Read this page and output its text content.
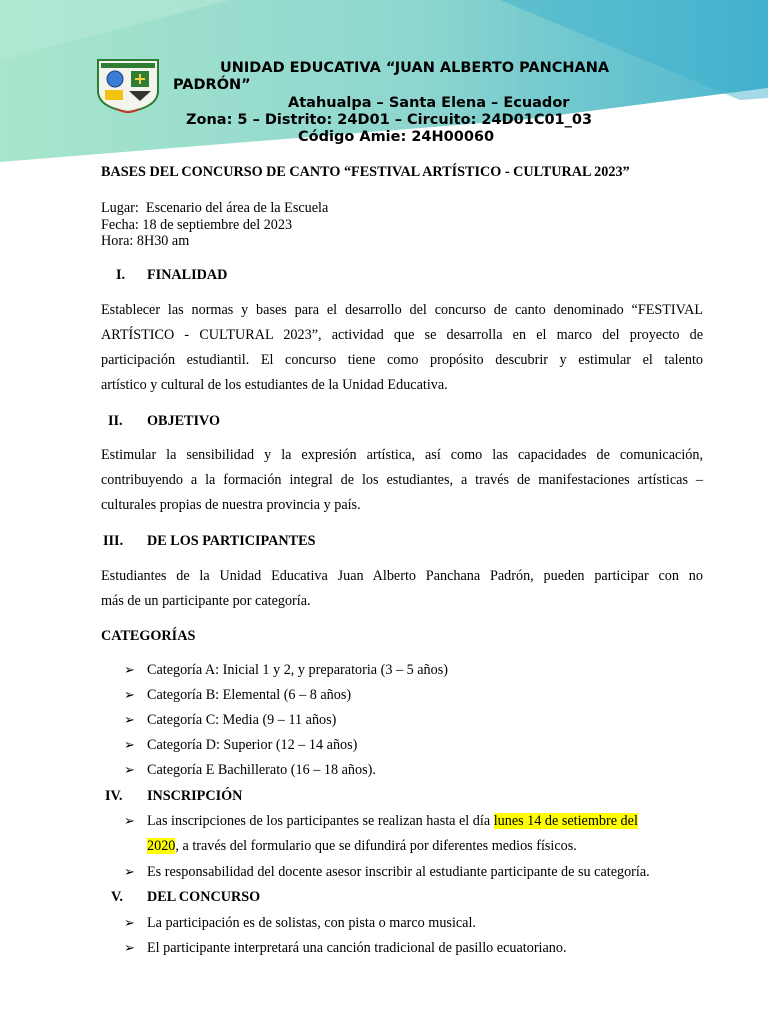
UNIDAD EDUCATIVA “JUAN ALBERTO PANCHANA
PADRÓN”
Atahualpa – Santa Elena – Ecuador
Zona: 5 – Distrito: 24D01 – Circuito: 24D01C01_03
Código Amie: 24H00060
BASES DEL CONCURSO DE CANTO “FESTIVAL ARTÍSTICO - CULTURAL 2023”
Lugar:  Escenario del área de la Escuela
Fecha: 18 de septiembre del 2023
Hora: 8H30 am
I. FINALIDAD
Establecer las normas y bases para el desarrollo del concurso de canto denominado “FESTIVAL
ARTÍSTICO - CULTURAL 2023”, actividad que se desarrolla en el marco del proyecto de
participación estudiantil. El concurso tiene como propósito descubrir y estimular el talento
artístico y cultural de los estudiantes de la Unidad Educativa.
II. OBJETIVO
Estimular la sensibilidad y la expresión artística, así como las capacidades de comunicación,
contribuyendo a la formación integral de los estudiantes, a través de manifestaciones artísticas –
culturales propias de nuestra provincia y país.
III. DE LOS PARTICIPANTES
Estudiantes de la Unidad Educativa Juan Alberto Panchana Padrón, pueden participar con no
más de un participante por categoría.
CATEGORÍAS
➢ Categoría A: Inicial 1 y 2, y preparatoria (3 – 5 años)
➢ Categoría B: Elemental (6 – 8 años)
➢ Categoría C: Media (9 – 11 años)
➢ Categoría D: Superior (12 – 14 años)
➢ Categoría E Bachillerato (16 – 18 años).
IV. INSCRIPCIÓN
➢ Las inscripciones de los participantes se realizan hasta el día lunes 14 de setiembre del
2020, a través del formulario que se difundirá por diferentes medios físicos.
➢ Es responsabilidad del docente asesor inscribir al estudiante participante de su categoría.
V. DEL CONCURSO
➢ La participación es de solistas, con pista o marco musical.
➢ El participante interpretará una canción tradicional de pasillo ecuatoriano.
